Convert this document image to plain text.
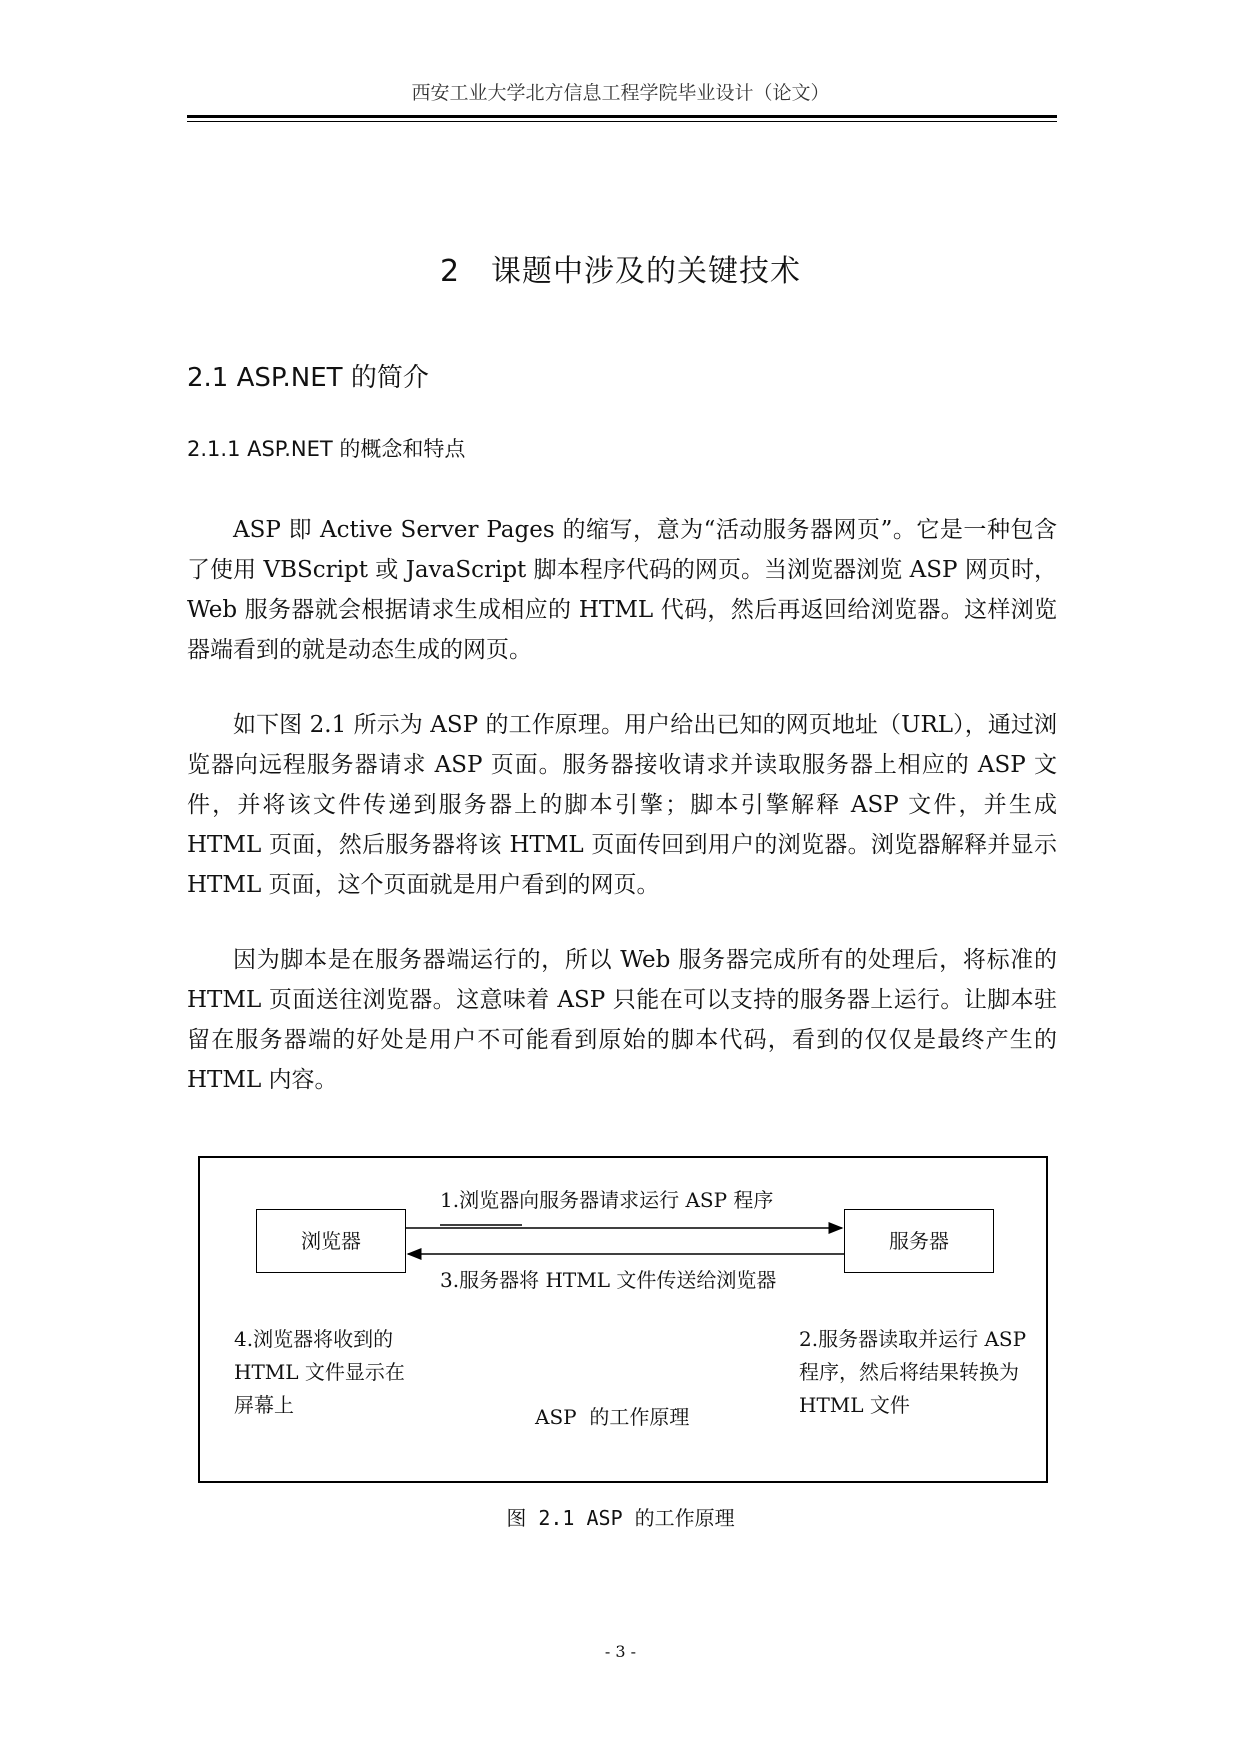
西安工业大学北方信息工程学院毕业设计（论文）
2　课题中涉及的关键技术
2.1 ASP.NET 的简介
2.1.1 ASP.NET 的概念和特点
ASP 即 Active Server Pages 的缩写，意为“活动服务器网页”。它是一种包含了使用 VBScript 或 JavaScript 脚本程序代码的网页。当浏览器浏览 ASP 网页时，Web 服务器就会根据请求生成相应的 HTML 代码，然后再返回给浏览器。这样浏览器端看到的就是动态生成的网页。
如下图 2.1 所示为 ASP 的工作原理。用户给出已知的网页地址（URL），通过浏览器向远程服务器请求 ASP 页面。服务器接收请求并读取服务器上相应的 ASP 文件，并将该文件传递到服务器上的脚本引擎；脚本引擎解释 ASP 文件，并生成 HTML 页面，然后服务器将该 HTML 页面传回到用户的浏览器。浏览器解释并显示 HTML 页面，这个页面就是用户看到的网页。
因为脚本是在服务器端运行的，所以 Web 服务器完成所有的处理后，将标准的 HTML 页面送往浏览器。这意味着 ASP 只能在可以支持的服务器上运行。让脚本驻留在服务器端的好处是用户不可能看到原始的脚本代码，看到的仅仅是最终产生的 HTML 内容。
浏览器	服务器
1.浏览器向服务器请求运行 ASP 程序
3.服务器将 HTML 文件传送给浏览器
4.浏览器将收到的 HTML 文件显示在屏幕上
2.服务器读取并运行 ASP 程序，然后将结果转换为 HTML 文件
ASP  的工作原理
图 2.1 ASP 的工作原理
- 3 -
